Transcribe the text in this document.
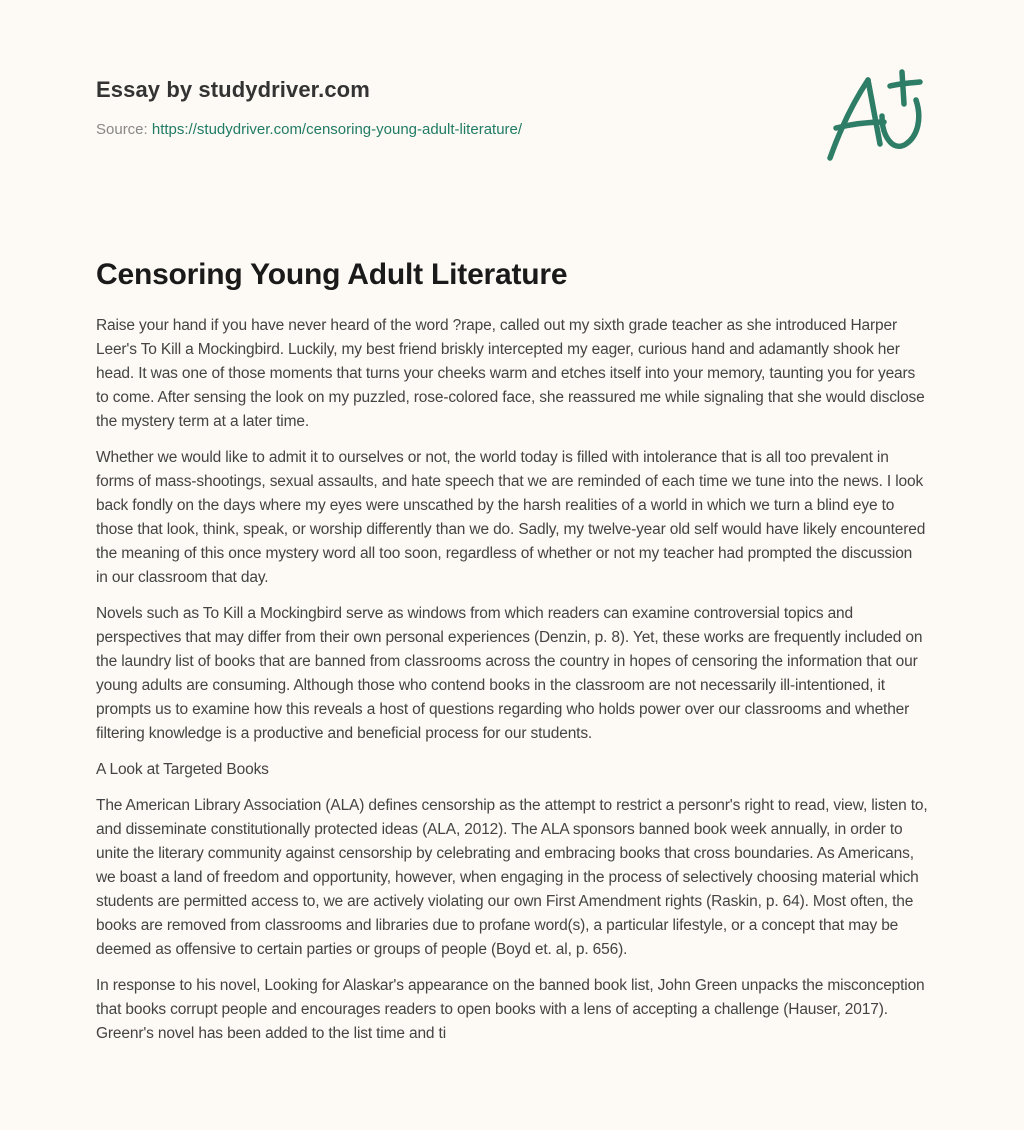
Essay by studydriver.com
Source: https://studydriver.com/censoring-young-adult-literature/
Censoring Young Adult Literature

Raise your hand if you have never heard of the word ?rape, called out my sixth grade teacher as she introduced Harper Leer's To Kill a Mockingbird. Luckily, my best friend briskly intercepted my eager, curious hand and adamantly shook her head. It was one of those moments that turns your cheeks warm and etches itself into your memory, taunting you for years to come. After sensing the look on my puzzled, rose-colored face, she reassured me while signaling that she would disclose the mystery term at a later time.

Whether we would like to admit it to ourselves or not, the world today is filled with intolerance that is all too prevalent in forms of mass-shootings, sexual assaults, and hate speech that we are reminded of each time we tune into the news. I look back fondly on the days where my eyes were unscathed by the harsh realities of a world in which we turn a blind eye to those that look, think, speak, or worship differently than we do. Sadly, my twelve-year old self would have likely encountered the meaning of this once mystery word all too soon, regardless of whether or not my teacher had prompted the discussion in our classroom that day.

Novels such as To Kill a Mockingbird serve as windows from which readers can examine controversial topics and perspectives that may differ from their own personal experiences (Denzin, p. 8). Yet, these works are frequently included on the laundry list of books that are banned from classrooms across the country in hopes of censoring the information that our young adults are consuming. Although those who contend books in the classroom are not necessarily ill-intentioned, it prompts us to examine how this reveals a host of questions regarding who holds power over our classrooms and whether filtering knowledge is a productive and beneficial process for our students.

A Look at Targeted Books

The American Library Association (ALA) defines censorship as the attempt to restrict a personr's right to read, view, listen to, and disseminate constitutionally protected ideas (ALA, 2012). The ALA sponsors banned book week annually, in order to unite the literary community against censorship by celebrating and embracing books that cross boundaries. As Americans, we boast a land of freedom and opportunity, however, when engaging in the process of selectively choosing material which students are permitted access to, we are actively violating our own First Amendment rights (Raskin, p. 64). Most often, the books are removed from classrooms and libraries due to profane word(s), a particular lifestyle, or a concept that may be deemed as offensive to certain parties or groups of people (Boyd et. al, p. 656).

In response to his novel, Looking for Alaskar's appearance on the banned book list, John Green unpacks the misconception that books corrupt people and encourages readers to open books with a lens of accepting a challenge (Hauser, 2017). Greenr's novel has been added to the list time and ti
